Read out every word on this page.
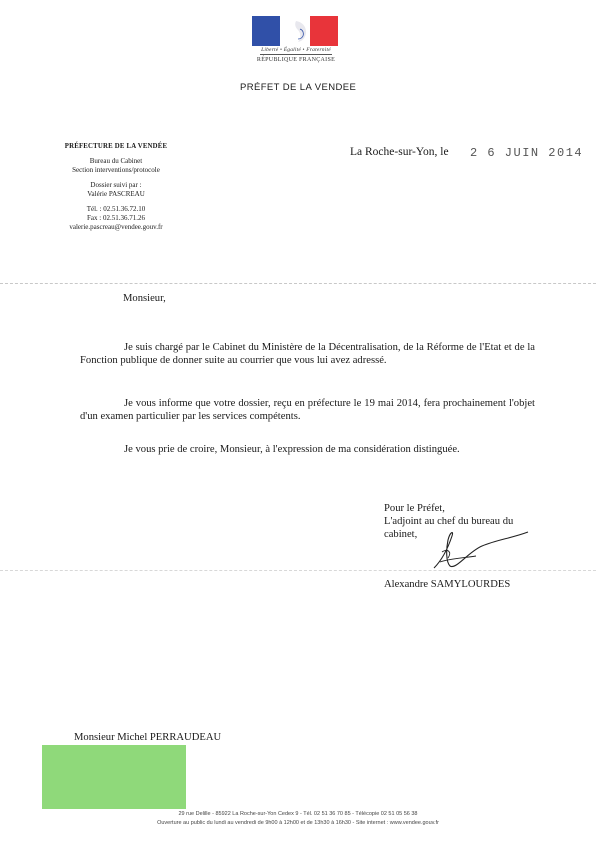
Liberté • Égalité • Fraternité
RÉPUBLIQUE FRANÇAISE
PRÉFET DE LA VENDEE
PRÉFECTURE DE LA VENDÉE
Bureau du Cabinet
Section interventions/protocole
Dossier suivi par :
Valérie PASCREAU
Tél. : 02.51.36.72.10
Fax : 02.51.36.71.26
valerie.pascreau@vendee.gouv.fr
La Roche-sur-Yon, le 2 6 JUIN 2014
Monsieur,
Je suis chargé par le Cabinet du Ministère de la Décentralisation, de la Réforme de l'Etat et de la Fonction publique de donner suite au courrier que vous lui avez adressé.
Je vous informe que votre dossier, reçu en préfecture le 19 mai 2014, fera prochainement l'objet d'un examen particulier par les services compétents.
Je vous prie de croire, Monsieur, à l'expression de ma considération distinguée.
Pour le Préfet,
L'adjoint au chef du bureau du
cabinet,
Alexandre SAMYLOURDES
Monsieur Michel PERRAUDEAU
29 rue Delille - 85922 La Roche-sur-Yon Cedex 9 - Tél. 02 51 36 70 85 - Télécopie 02 51 05 56 38
Ouverture au public du lundi au vendredi de 9h00 à 12h00 et de 13h30 à 16h30 - Site internet : www.vendee.gouv.fr
